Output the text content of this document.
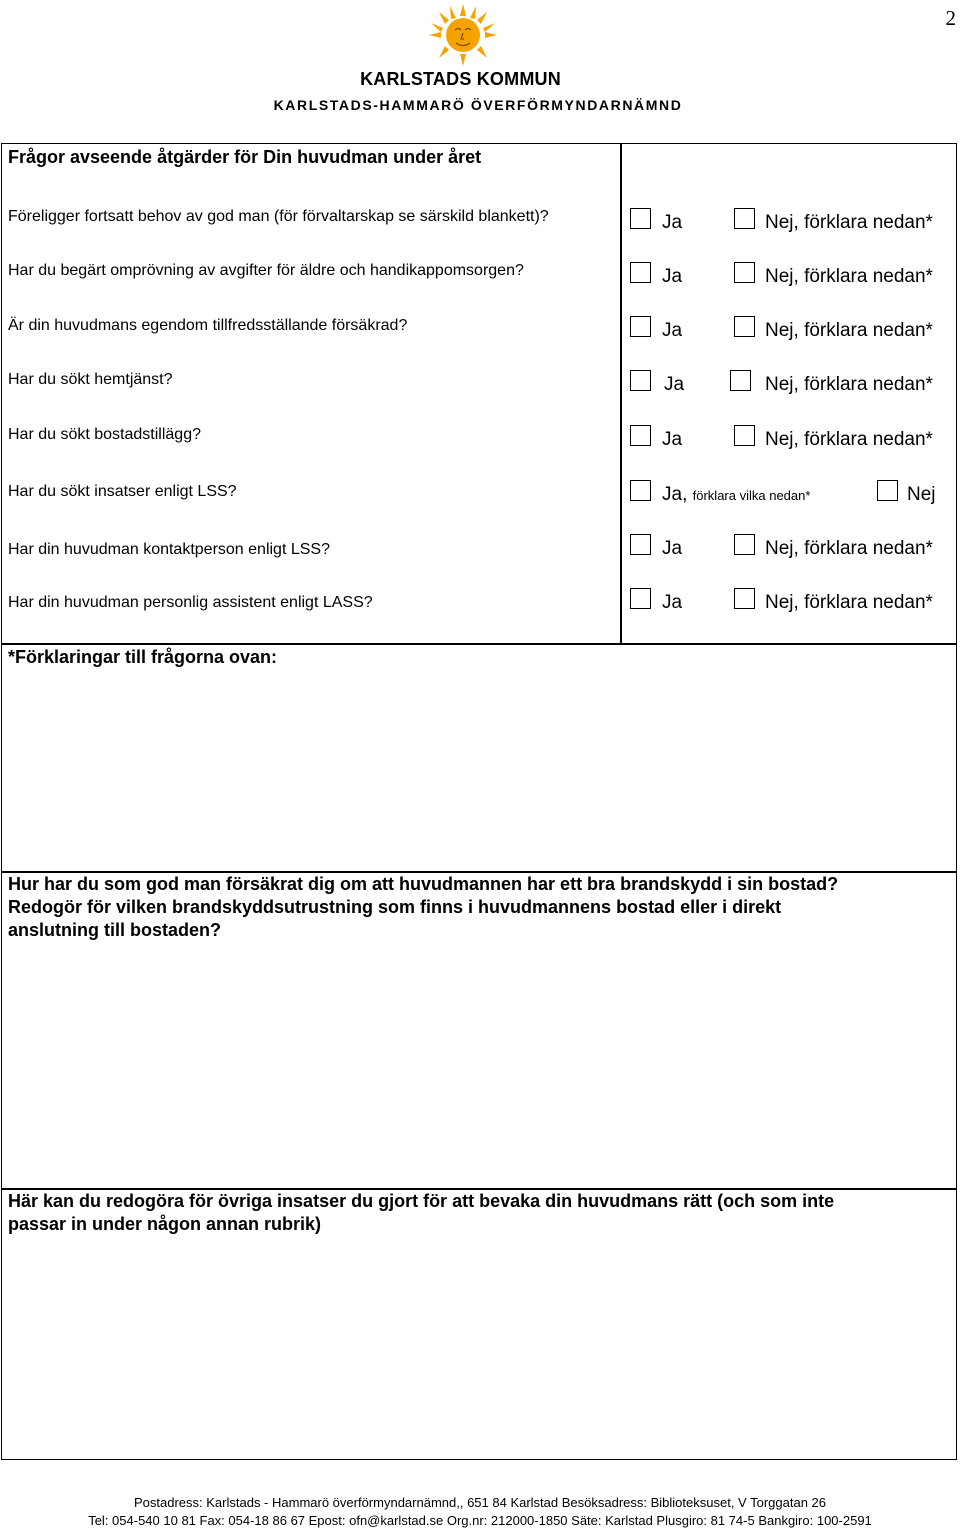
2
KARLSTADS KOMMUN
KARLSTADS-HAMMARÖ ÖVERFÖRMYNDARNÄMND
Frågor avseende åtgärder för Din huvudman under året
Föreligger fortsatt behov av god man (för förvaltarskap se särskild blankett)?	Ja	Nej, förklara nedan*
Har du begärt omprövning av avgifter för äldre och handikappomsorgen?	Ja	Nej, förklara nedan*
Är din huvudmans egendom tillfredsställande försäkrad?	Ja	Nej, förklara nedan*
Har du sökt hemtjänst?	Ja	Nej, förklara nedan*
Har du sökt bostadstillägg?	Ja	Nej, förklara nedan*
Har du sökt insatser enligt LSS?	Ja, förklara vilka nedan*	Nej
Har din huvudman kontaktperson enligt LSS?	Ja	Nej, förklara nedan*
Har din huvudman personlig assistent enligt LASS?	Ja	Nej, förklara nedan*
*Förklaringar till frågorna ovan:
Hur har du som god man försäkrat dig om att huvudmannen har ett bra brandskydd i sin bostad?
Redogör för vilken brandskyddsutrustning som finns i huvudmannens bostad eller i direkt
anslutning till bostaden?
Här kan du redogöra för övriga insatser du gjort för att bevaka din huvudmans rätt (och som inte
passar in under någon annan rubrik)
Postadress: Karlstads - Hammarö överförmyndarnämnd,, 651 84 Karlstad Besöksadress: Biblioteksuset, V Torggatan 26
Tel: 054-540 10 81 Fax: 054-18 86 67 Epost: ofn@karlstad.se Org.nr: 212000-1850 Säte: Karlstad Plusgiro: 81 74-5 Bankgiro: 100-2591
